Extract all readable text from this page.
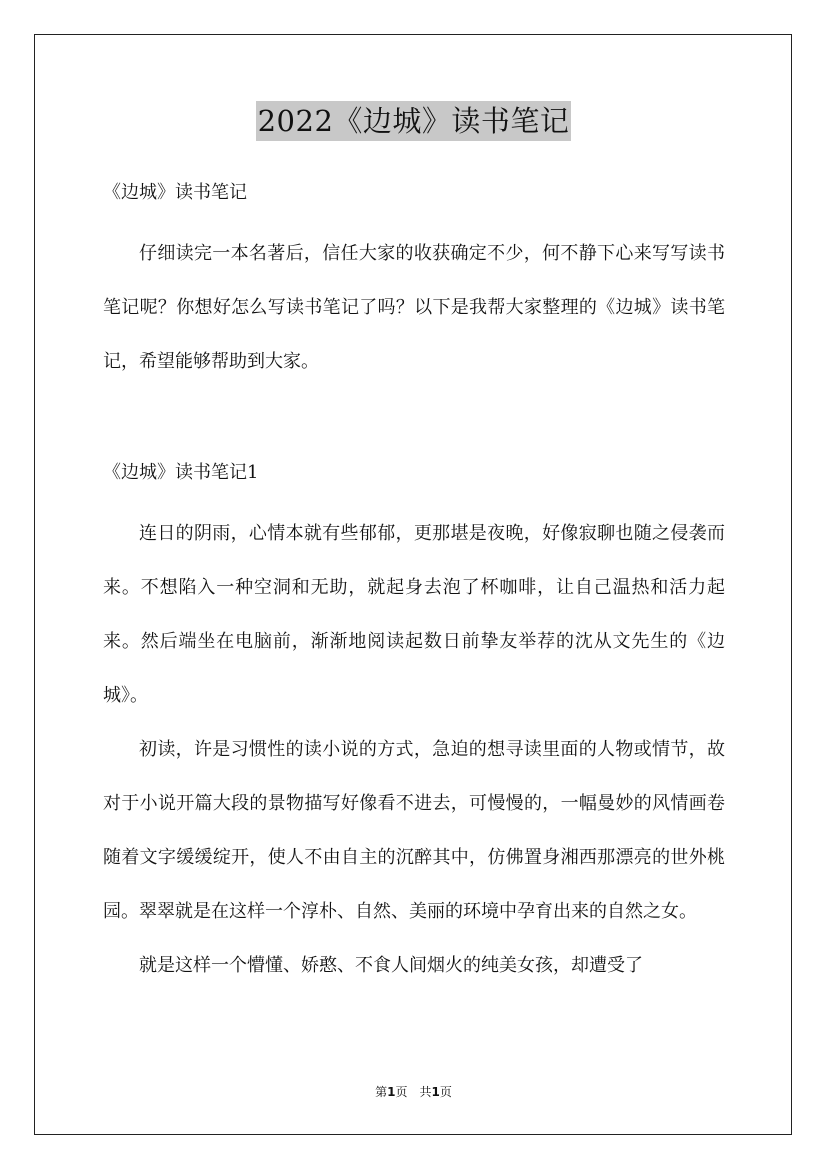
2022《边城》读书笔记
《边城》读书笔记

仔细读完一本名著后，信任大家的收获确定不少，何不静下心来写写读书笔记呢？你想好怎么写读书笔记了吗？以下是我帮大家整理的《边城》读书笔记，希望能够帮助到大家。

《边城》读书笔记1

连日的阴雨，心情本就有些郁郁，更那堪是夜晚，好像寂聊也随之侵袭而来。不想陷入一种空洞和无助，就起身去泡了杯咖啡，让自己温热和活力起来。然后端坐在电脑前，渐渐地阅读起数日前挚友举荐的沈从文先生的《边城》。

初读，许是习惯性的读小说的方式，急迫的想寻读里面的人物或情节，故对于小说开篇大段的景物描写好像看不进去，可慢慢的，一幅曼妙的风情画卷随着文字缓缓绽开，使人不由自主的沉醉其中，仿佛置身湘西那漂亮的世外桃园。翠翠就是在这样一个淳朴、自然、美丽的环境中孕育出来的自然之女。

就是这样一个懵懂、娇憨、不食人间烟火的纯美女孩，却遭受了

第1页　共1页
